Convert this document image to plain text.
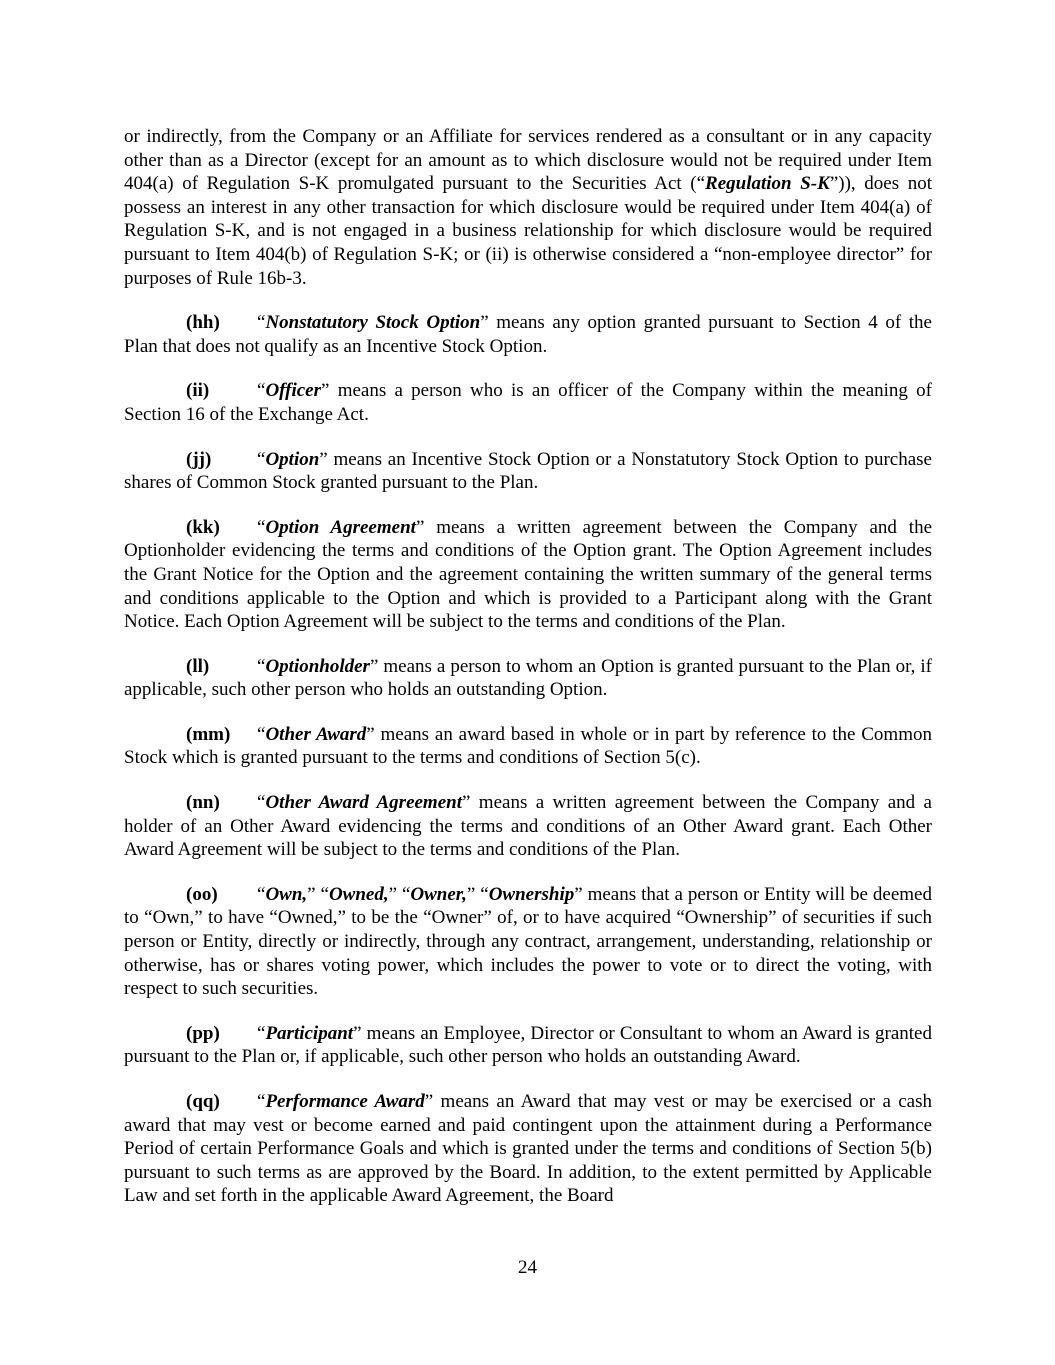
or indirectly, from the Company or an Affiliate for services rendered as a consultant or in any capacity other than as a Director (except for an amount as to which disclosure would not be required under Item 404(a) of Regulation S-K promulgated pursuant to the Securities Act (“Regulation S-K”)), does not possess an interest in any other transaction for which disclosure would be required under Item 404(a) of Regulation S-K, and is not engaged in a business relationship for which disclosure would be required pursuant to Item 404(b) of Regulation S-K; or (ii) is otherwise considered a “non-employee director” for purposes of Rule 16b-3.

(hh) “Nonstatutory Stock Option” means any option granted pursuant to Section 4 of the Plan that does not qualify as an Incentive Stock Option.

(ii)	“Officer” means a person who is an officer of the Company within the meaning of Section 16 of the Exchange Act.

(jj) “Option” means an Incentive Stock Option or a Nonstatutory Stock Option to purchase shares of Common Stock granted pursuant to the Plan.

(kk) “Option Agreement” means a written agreement between the Company and the Optionholder evidencing the terms and conditions of the Option grant. The Option Agreement includes the Grant Notice for the Option and the agreement containing the written summary of the general terms and conditions applicable to the Option and which is provided to a Participant along with the Grant Notice. Each Option Agreement will be subject to the terms and conditions of the Plan.

(ll)	“Optionholder” means a person to whom an Option is granted pursuant to the Plan or, if applicable, such other person who holds an outstanding Option.

(mm) “Other Award” means an award based in whole or in part by reference to the Common Stock which is granted pursuant to the terms and conditions of Section 5(c).

(nn) “Other Award Agreement” means a written agreement between the Company and a holder of an Other Award evidencing the terms and conditions of an Other Award grant. Each Other Award Agreement will be subject to the terms and conditions of the Plan.

(oo) “Own,” “Owned,” “Owner,” “Ownership” means that a person or Entity will be deemed to “Own,” to have “Owned,” to be the “Owner” of, or to have acquired “Ownership” of securities if such person or Entity, directly or indirectly, through any contract, arrangement, understanding, relationship or otherwise, has or shares voting power, which includes the power to vote or to direct the voting, with respect to such securities.

(pp) “Participant” means an Employee, Director or Consultant to whom an Award is granted pursuant to the Plan or, if applicable, such other person who holds an outstanding Award.

(qq) “Performance Award” means an Award that may vest or may be exercised or a cash award that may vest or become earned and paid contingent upon the attainment during a Performance Period of certain Performance Goals and which is granted under the terms and conditions of Section 5(b) pursuant to such terms as are approved by the Board. In addition, to the extent permitted by Applicable Law and set forth in the applicable Award Agreement, the Board

24
